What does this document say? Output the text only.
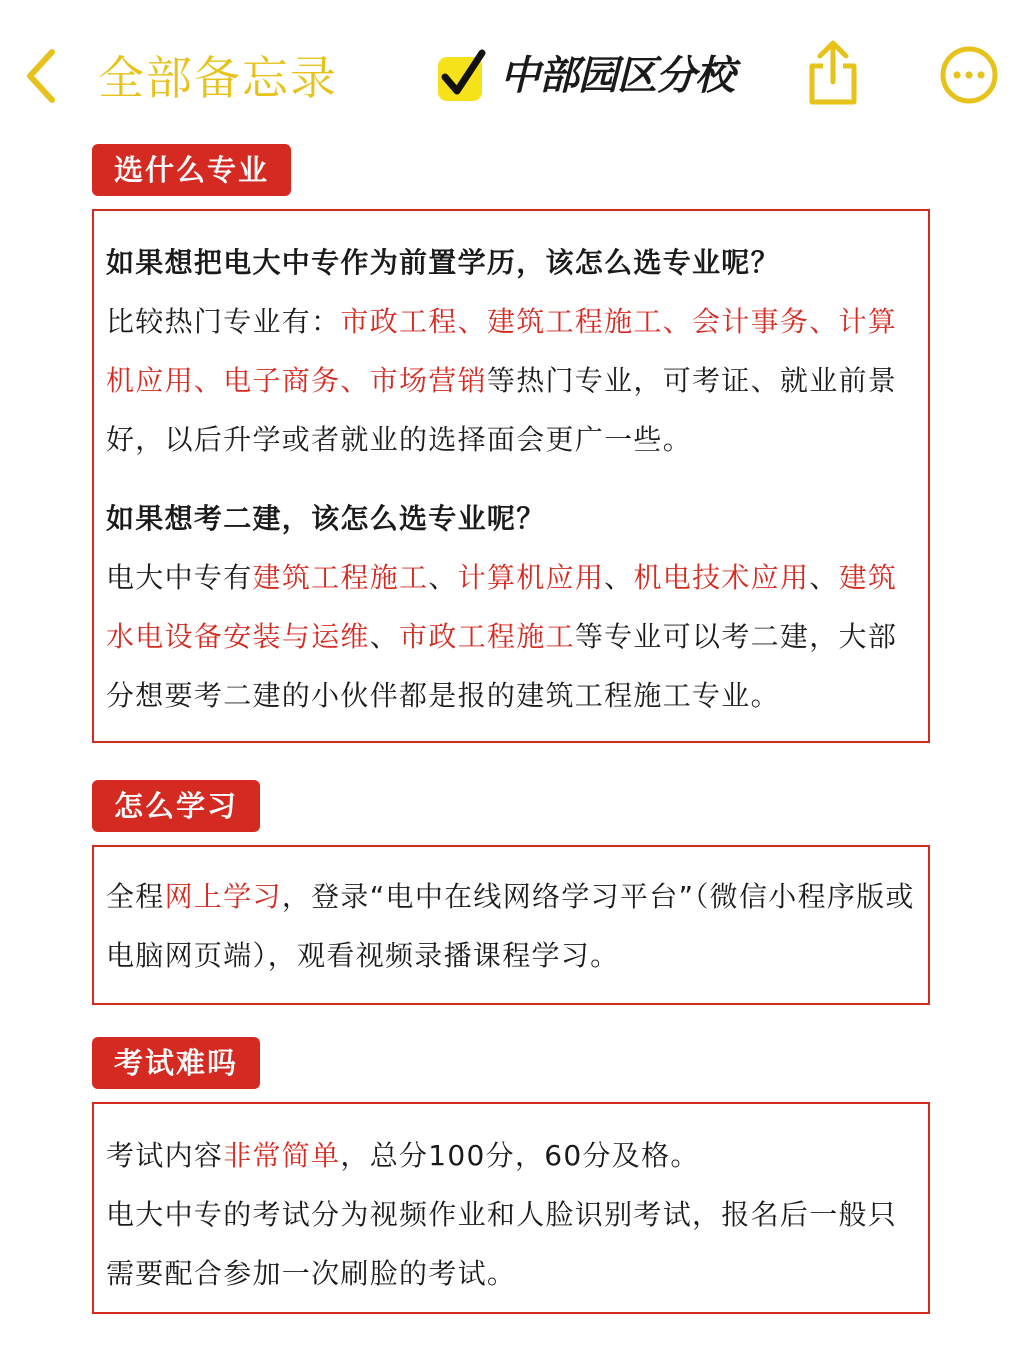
全部备忘录	中部园区分校
选什么专业

如果想把电大中专作为前置学历，该怎么选专业呢？

比较热门专业有：市政工程、建筑工程施工、会计事务、计算机应用、电子商务、市场营销等热门专业，可考证、就业前景好，以后升学或者就业的选择面会更广一些。

如果想考二建，该怎么选专业呢？

电大中专有建筑工程施工、计算机应用、机电技术应用、建筑水电设备安装与运维、市政工程施工等专业可以考二建，大部分想要考二建的小伙伴都是报的建筑工程施工专业。

怎么学习

全程网上学习，登录“电中在线网络学习平台”（微信小程序版或电脑网页端），观看视频录播课程学习。

考试难吗

考试内容非常简单，总分100分，60分及格。

电大中专的考试分为视频作业和人脸识别考试，报名后一般只需要配合参加一次刷脸的考试。
